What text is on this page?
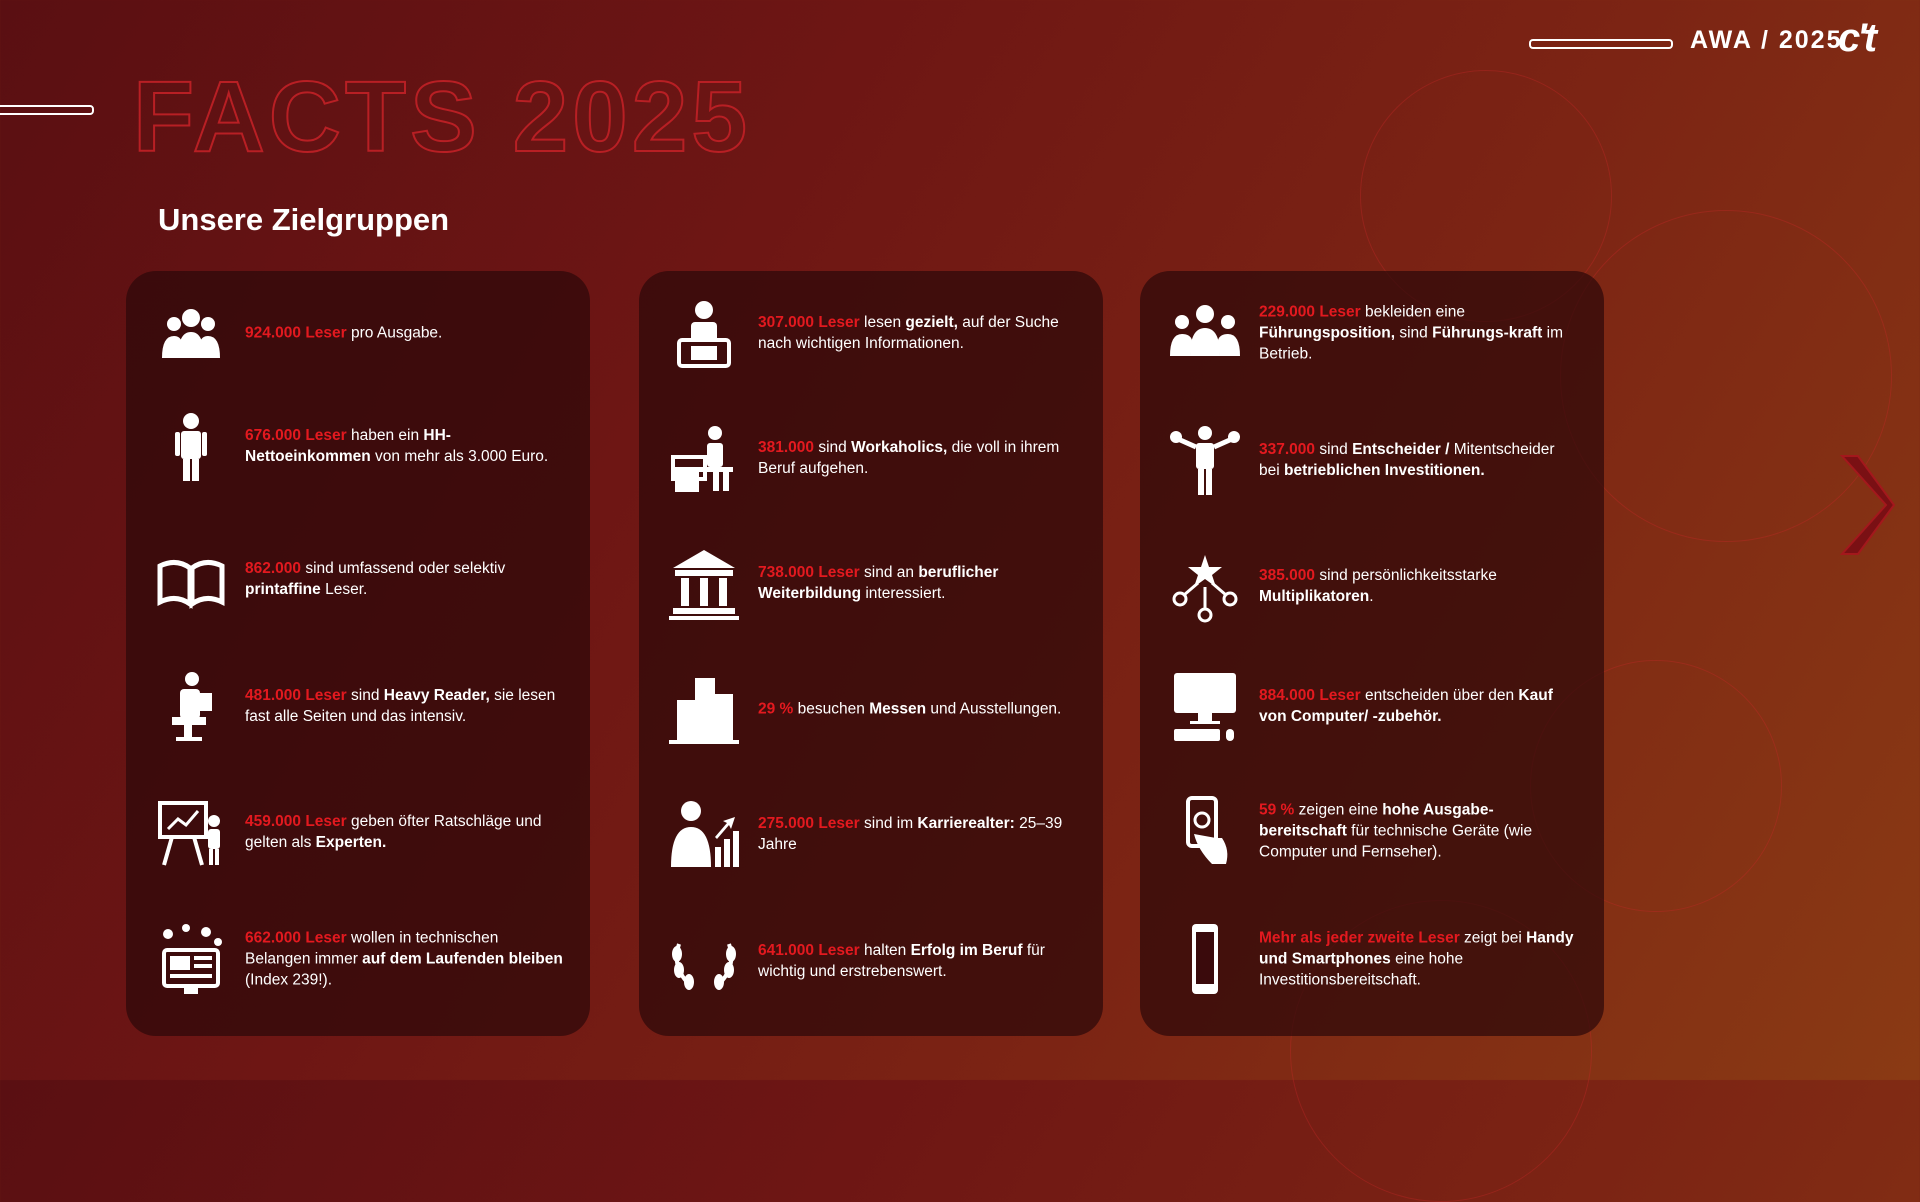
AWA / 2025
c't
FACTS 2025
Unsere Zielgruppen
924.000 Leser pro Ausgabe.
676.000 Leser haben ein HH-Nettoeinkommen von mehr als 3.000 Euro.
862.000 sind umfassend oder selektiv printaffine Leser.
481.000 Leser sind Heavy Reader, sie lesen fast alle Seiten und das intensiv.
459.000 Leser geben öfter Ratschläge und gelten als Experten.
662.000 Leser wollen in technischen Belangen immer auf dem Laufenden bleiben (Index 239!).
307.000 Leser lesen gezielt, auf der Suche nach wichtigen Informationen.
381.000 sind Workaholics, die voll in ihrem Beruf aufgehen.
738.000 Leser sind an beruflicher Weiterbildung interessiert.
29 % besuchen Messen und Ausstellungen.
275.000 Leser sind im Karrierealter: 25–39 Jahre
641.000 Leser halten Erfolg im Beruf für wichtig und erstrebenswert.
229.000 Leser bekleiden eine Führungsposition, sind Führungs-kraft im Betrieb.
337.000 sind Entscheider / Mitentscheider bei betrieblichen Investitionen.
385.000 sind persönlichkeitsstarke Multiplikatoren.
884.000 Leser entscheiden über den Kauf von Computer/ -zubehör.
59 % zeigen eine hohe Ausgabe-bereitschaft für technische Geräte (wie Computer und Fernseher).
Mehr als jeder zweite Leser zeigt bei Handy und Smartphones eine hohe Investitionsbereitschaft.
